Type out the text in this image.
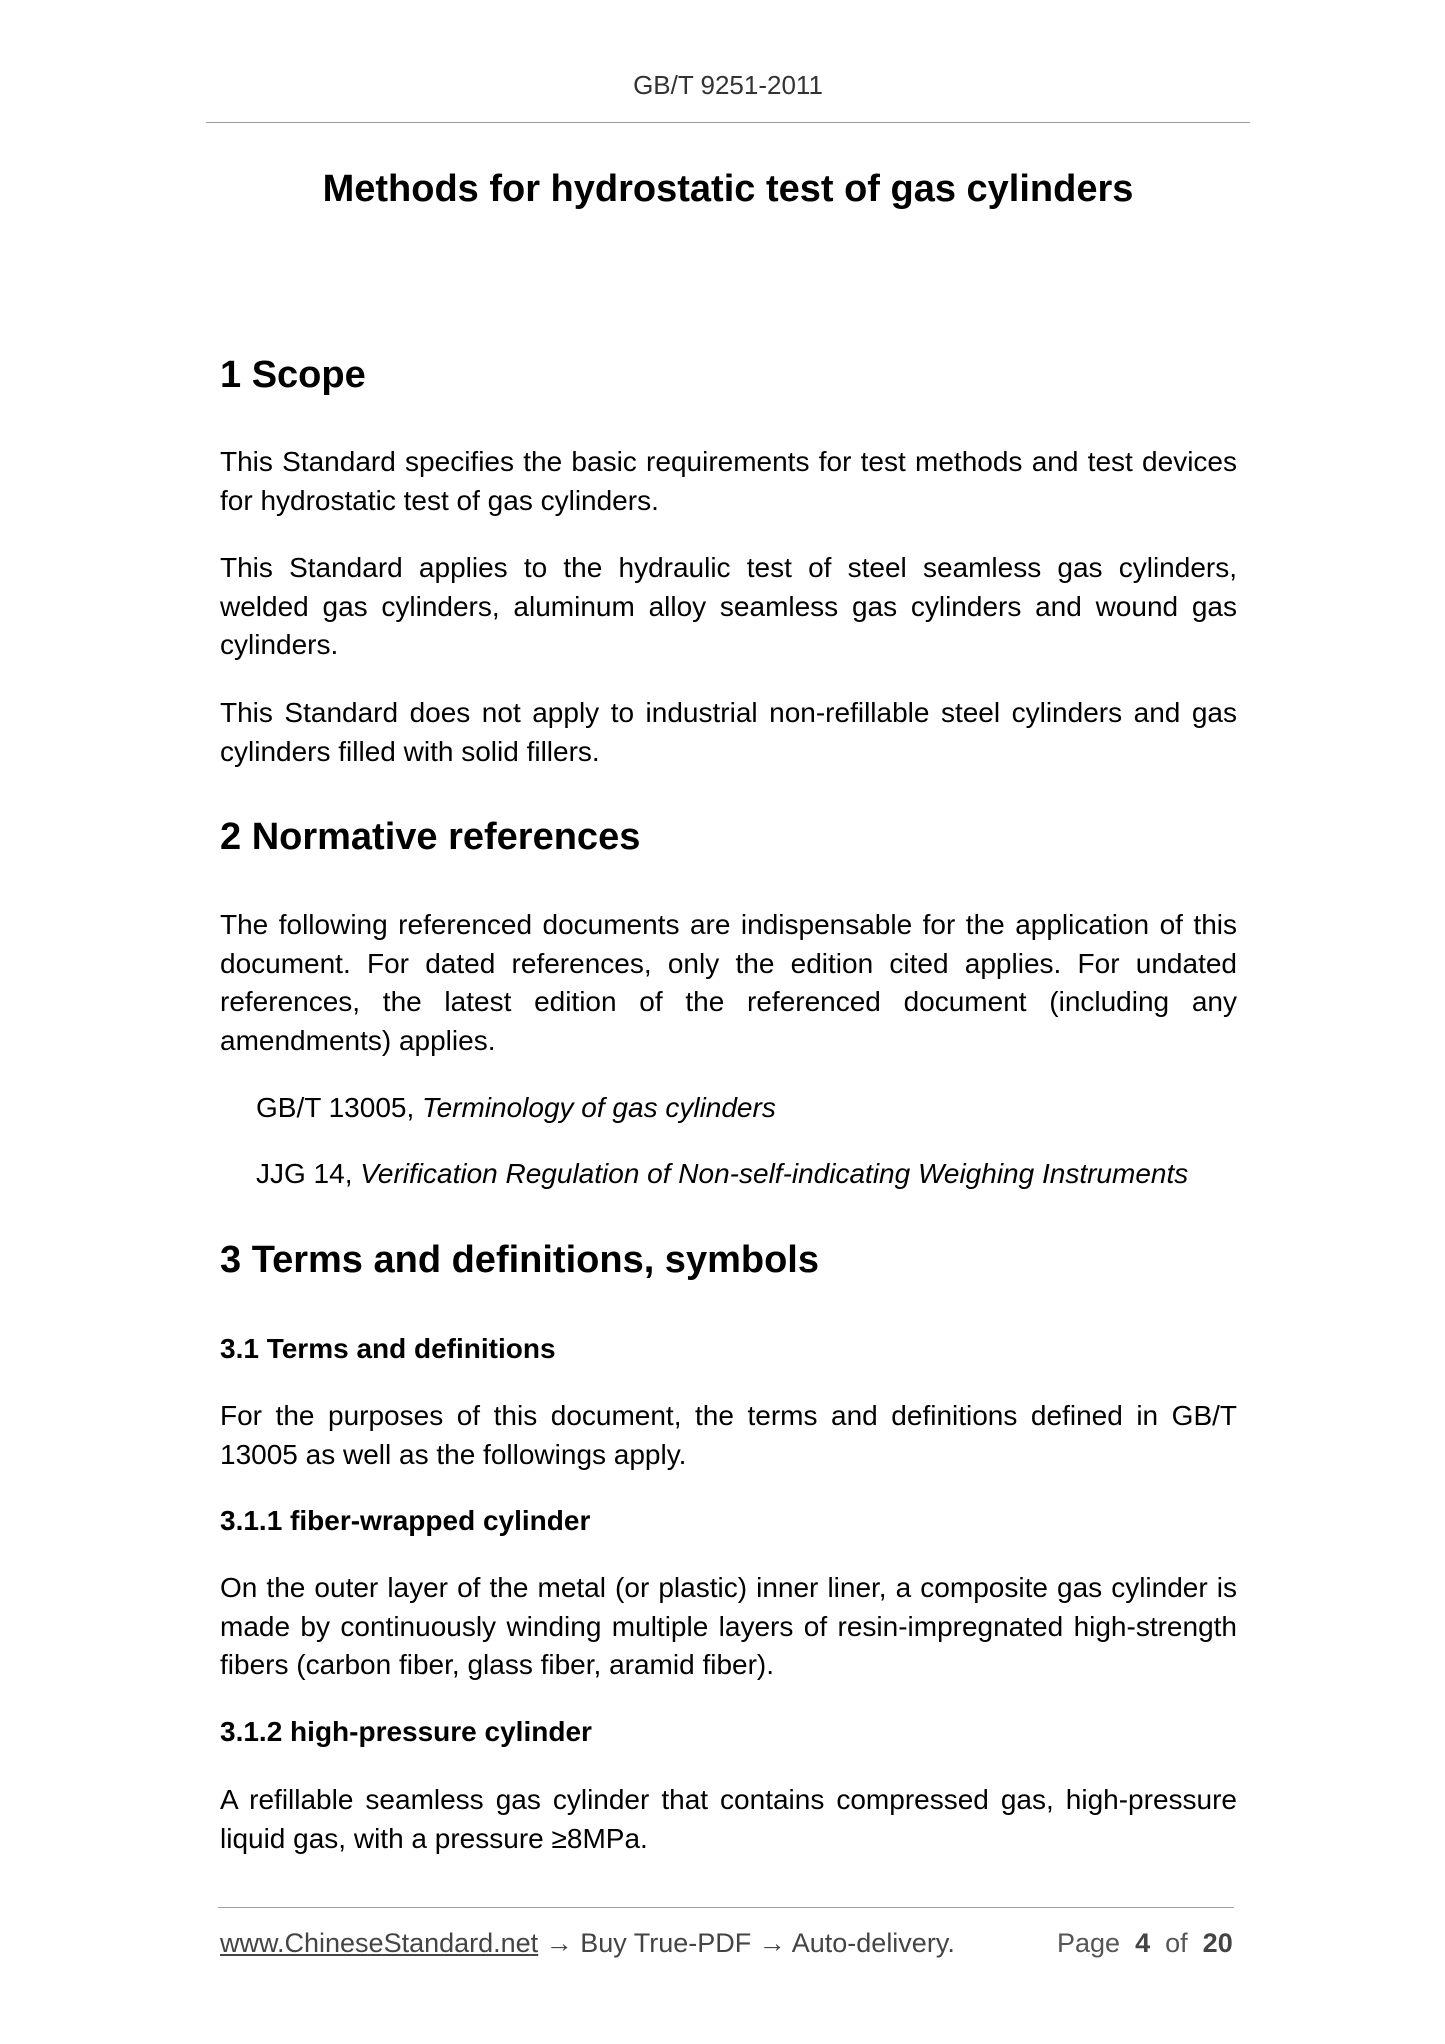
GB/T 9251-2011
Methods for hydrostatic test of gas cylinders
1 Scope

This Standard specifies the basic requirements for test methods and test devices for hydrostatic test of gas cylinders.

This Standard applies to the hydraulic test of steel seamless gas cylinders, welded gas cylinders, aluminum alloy seamless gas cylinders and wound gas cylinders.

This Standard does not apply to industrial non-refillable steel cylinders and gas cylinders filled with solid fillers.

2 Normative references

The following referenced documents are indispensable for the application of this document. For dated references, only the edition cited applies. For undated references, the latest edition of the referenced document (including any amendments) applies.

GB/T 13005, Terminology of gas cylinders

JJG 14, Verification Regulation of Non-self-indicating Weighing Instruments

3 Terms and definitions, symbols
3.1 Terms and definitions

For the purposes of this document, the terms and definitions defined in GB/T 13005 as well as the followings apply.

3.1.1 fiber-wrapped cylinder

On the outer layer of the metal (or plastic) inner liner, a composite gas cylinder is made by continuously winding multiple layers of resin-impregnated high-strength fibers (carbon fiber, glass fiber, aramid fiber).

3.1.2 high-pressure cylinder

A refillable seamless gas cylinder that contains compressed gas, high-pressure liquid gas, with a pressure ≥8MPa.

www.ChineseStandard.net → Buy True-PDF → Auto-delivery.	Page 4 of 20
